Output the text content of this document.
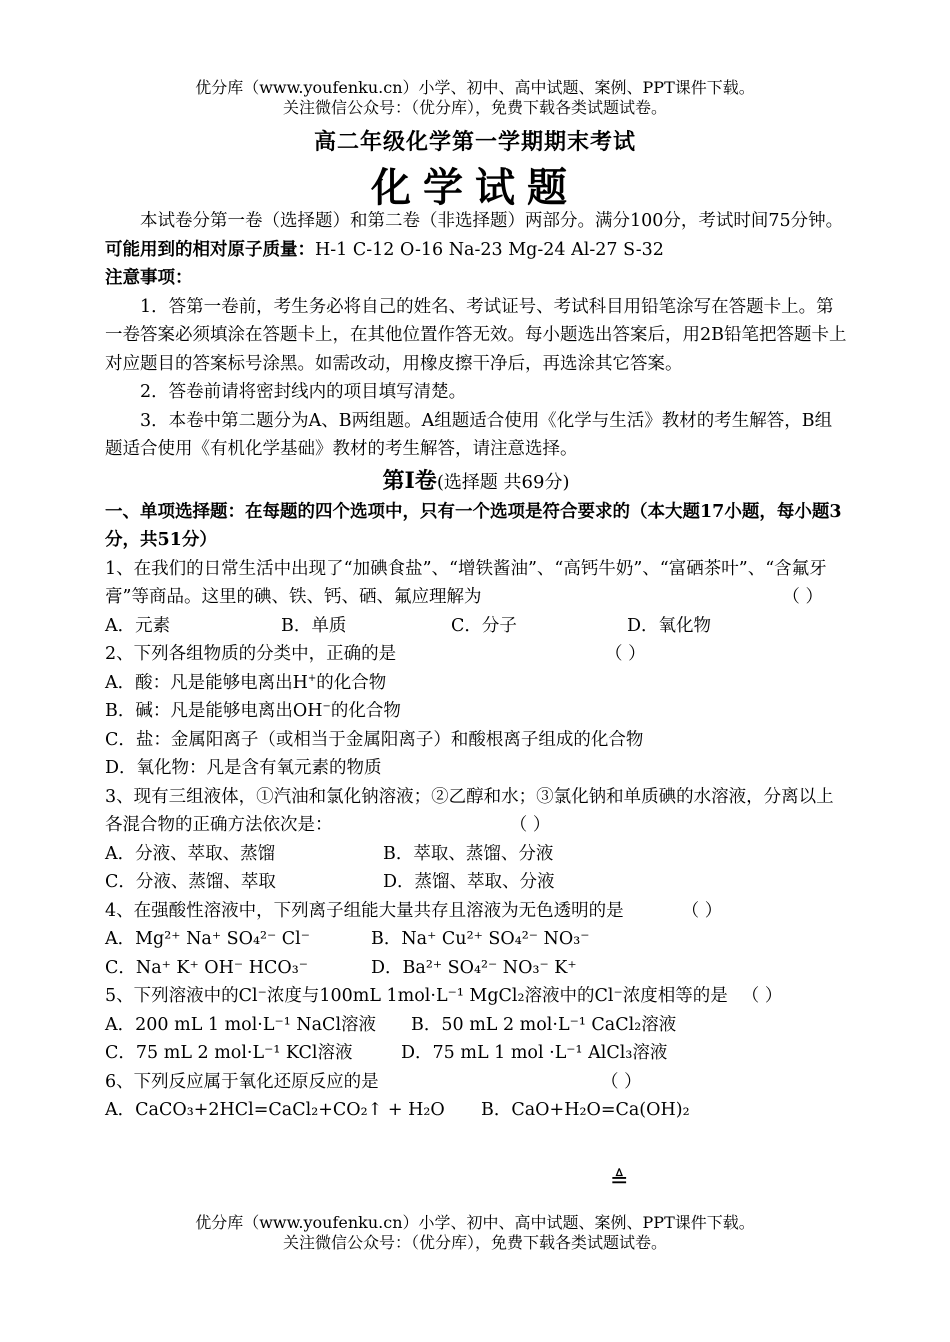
优分库（www.youfenku.cn）小学、初中、高中试题、案例、PPT课件下载。
关注微信公众号：（优分库），免费下载各类试题试卷。
高二年级化学第一学期期末考试
化学试题

本试卷分第一卷（选择题）和第二卷（非选择题）两部分。满分100分，考试时间75分钟。

可能用到的相对原子质量：H-1 C-12 O-16 Na-23 Mg-24 Al-27 S-32

注意事项：

1．答第一卷前，考生务必将自己的姓名、考试证号、考试科目用铅笔涂写在答题卡上。第一卷答案必须填涂在答题卡上，在其他位置作答无效。每小题选出答案后，用2B铅笔把答题卡上对应题目的答案标号涂黑。如需改动，用橡皮擦干净后，再选涂其它答案。

2．答卷前请将密封线内的项目填写清楚。

3．本卷中第二题分为A、B两组题。A组题适合使用《化学与生活》教材的考生解答，B组题适合使用《有机化学基础》教材的考生解答，请注意选择。

第Ⅰ卷(选择题 共69分)

一、单项选择题：在每题的四个选项中，只有一个选项是符合要求的（本大题17小题，每小题3分，共51分）

1、在我们的日常生活中出现了“加碘食盐”、“增铁酱油”、“高钙牛奶”、“富硒茶叶”、“含氟牙膏”等商品。这里的碘、铁、钙、硒、氟应理解为	（ ）

A．元素	B．单质	C．分子	D．氧化物

2、下列各组物质的分类中，正确的是	（ ）

A．酸：凡是能够电离出H+的化合物

B．碱：凡是能够电离出OH−的化合物

C．盐：金属阳离子（或相当于金属阳离子）和酸根离子组成的化合物

D．氧化物：凡是含有氧元素的物质

3、现有三组液体，①汽油和氯化钠溶液；②乙醇和水；③氯化钠和单质碘的水溶液，分离以上各混合物的正确方法依次是：	（ ）

A．分液、萃取、蒸馏	B．萃取、蒸馏、分液

C．分液、蒸馏、萃取	D．蒸馏、萃取、分液

4、在强酸性溶液中，下列离子组能大量共存且溶液为无色透明的是	（ ）

A．Mg²⁺ Na⁺ SO₄²⁻ Cl⁻	B．Na⁺ Cu²⁺ SO₄²⁻ NO₃⁻

C．Na⁺ K⁺ OH⁻ HCO₃⁻	D．Ba²⁺ SO₄²⁻ NO₃⁻ K⁺

5、下列溶液中的Cl⁻浓度与100mL 1mol·L⁻¹ MgCl₂溶液中的Cl⁻浓度相等的是 （ ）

A．200 mL 1 mol·L⁻¹ NaCl溶液 B．50 mL 2 mol·L⁻¹ CaCl₂溶液

C．75 mL 2 mol·L⁻¹ KCl溶液	D．75 mL 1 mol ·L⁻¹ AlCl₃溶液

6、下列反应属于氧化还原反应的是	（ ）

A．CaCO₃+2HCl=CaCl₂+CO₂↑ + H₂O B．CaO+H₂O=Ca(OH)₂

≜
优分库（www.youfenku.cn）小学、初中、高中试题、案例、PPT课件下载。
关注微信公众号：（优分库），免费下载各类试题试卷。
